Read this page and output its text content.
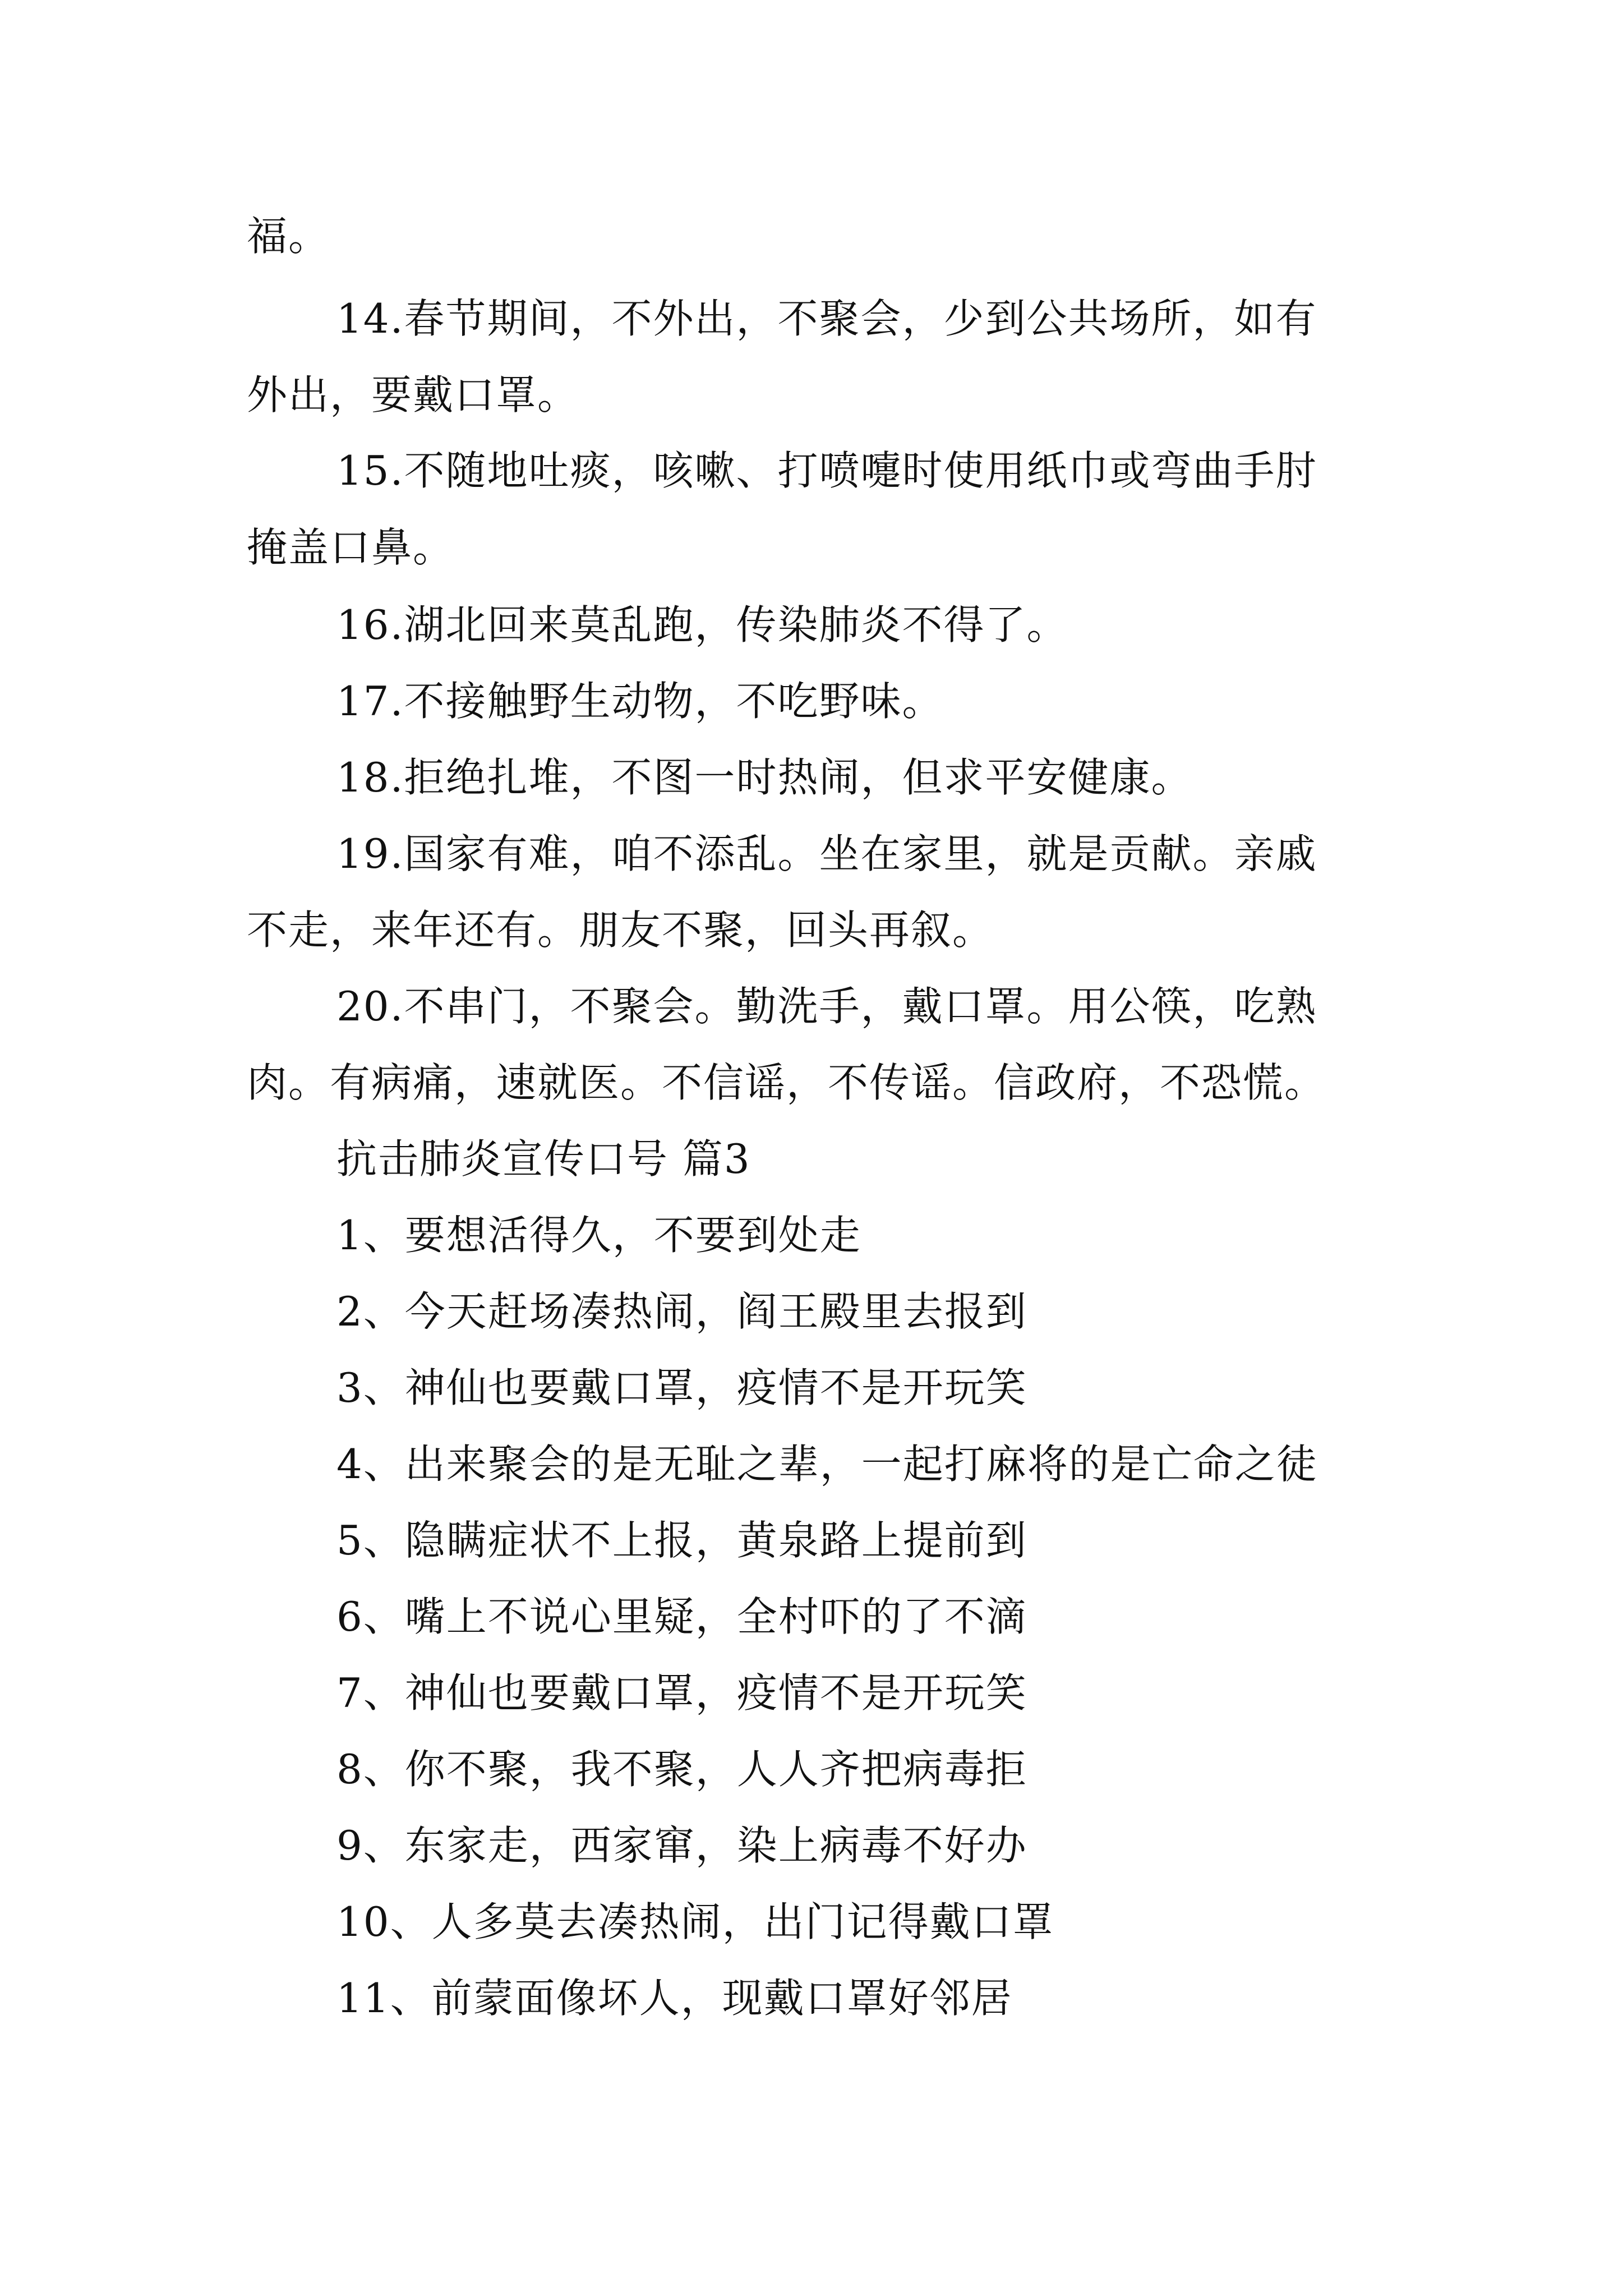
福。
14.春节期间，不外出，不聚会，少到公共场所，如有
外出，要戴口罩。
15.不随地吐痰，咳嗽、打喷嚏时使用纸巾或弯曲手肘
掩盖口鼻。
16.湖北回来莫乱跑，传染肺炎不得了。
17.不接触野生动物，不吃野味。
18.拒绝扎堆，不图一时热闹，但求平安健康。
19.国家有难，咱不添乱。坐在家里，就是贡献。亲戚
不走，来年还有。朋友不聚，回头再叙。
20.不串门，不聚会。勤洗手，戴口罩。用公筷，吃熟
肉。有病痛，速就医。不信谣，不传谣。信政府，不恐慌。
抗击肺炎宣传口号 篇3
1、要想活得久，不要到处走
2、今天赶场凑热闹，阎王殿里去报到
3、神仙也要戴口罩，疫情不是开玩笑
4、出来聚会的是无耻之辈，一起打麻将的是亡命之徒
5、隐瞒症状不上报，黄泉路上提前到
6、嘴上不说心里疑，全村吓的了不滴
7、神仙也要戴口罩，疫情不是开玩笑
8、你不聚，我不聚，人人齐把病毒拒
9、东家走，西家窜，染上病毒不好办
10、人多莫去凑热闹，出门记得戴口罩
11、前蒙面像坏人，现戴口罩好邻居
